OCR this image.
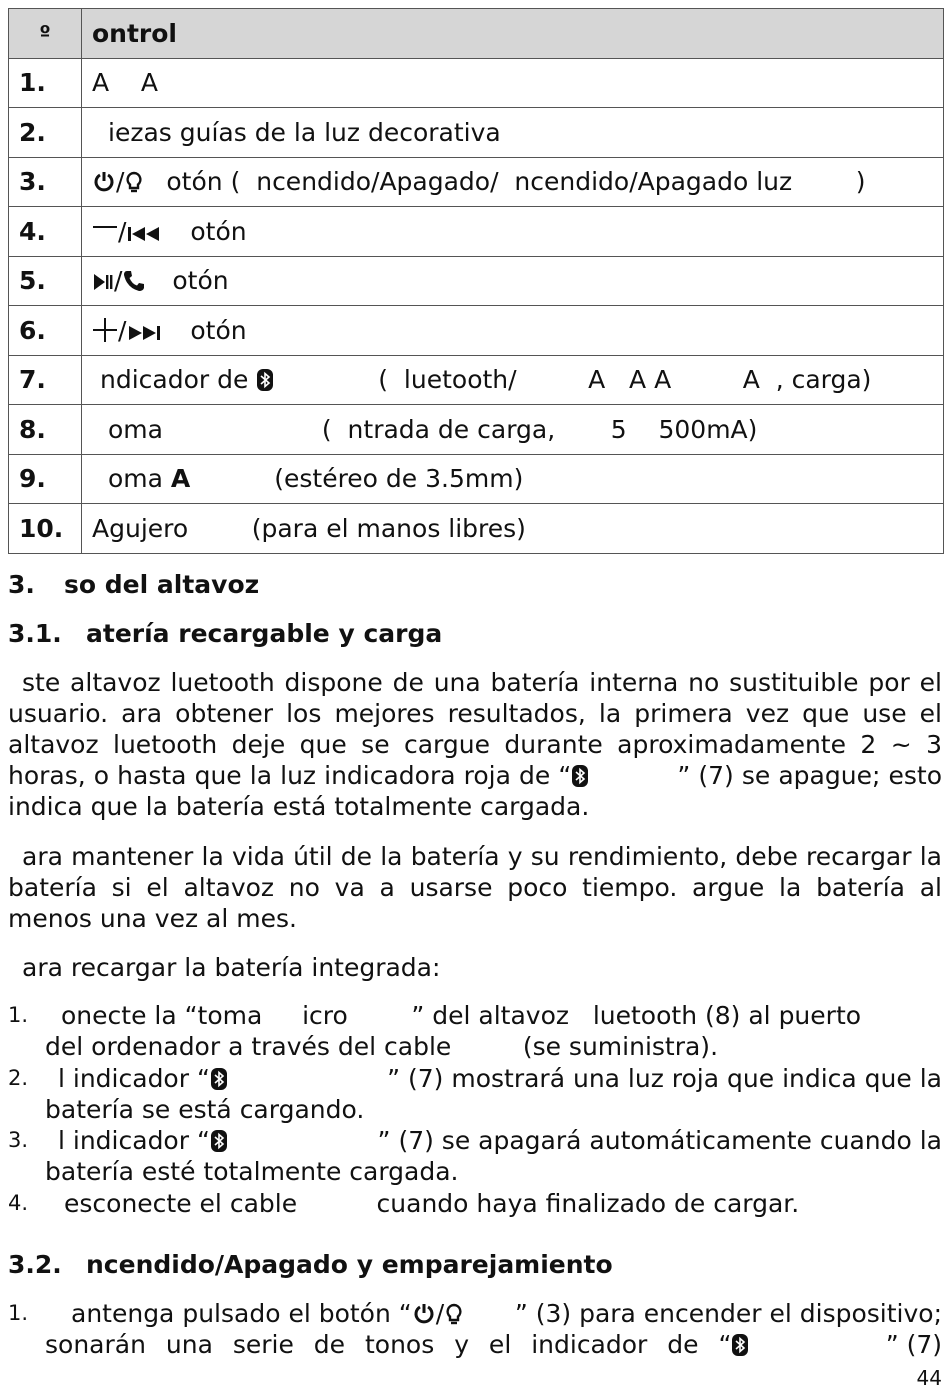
º	ontrol
1.	A    A
2.	iezas guías de la luz decorativa
3.	/ otón (  ncendido/Apagado/  ncendido/Apagado luz        )
4.	/ otón
5.	/ otón
6.	/ otón
7.	ndicador de (  luetooth/         A   A A         A  , carga)
8.	oma                    (  ntrada de carga,       5    500mA)
9.	oma A (estéreo de 3.5mm)
10.	Agujero        (para el manos libres)
3. so del altavoz
3.1. atería recargable y carga
ste altavoz luetooth dispone de una batería interna no sustituible por el usuario. ara obtener los mejores resultados, la primera vez que use el altavoz luetooth deje que se cargue durante aproximadamente 2 ~ 3 horas, o hasta que la luz indicadora roja de “	” (7) se apague; esto indica que la batería está totalmente cargada.
ara mantener la vida útil de la batería y su rendimiento, debe recargar la batería si el altavoz no va a usarse poco tiempo. argue la batería al menos una vez al mes.
ara recargar la batería integrada:
1.	onecte la “toma     icro        ” del altavoz   luetooth (8) al puerto
del ordenador a través del cable         (se suministra).
2. l indicador “	” (7) mostrará una luz roja que indica que la
batería se está cargando.
3. l indicador “	” (7) se apagará automáticamente cuando la
batería esté totalmente cargada.
4.	esconecte el cable          cuando haya finalizado de cargar.
3.2. ncendido/Apagado y emparejamiento
1. antenga pulsado el botón “ /	” (3) para encender el dispositivo;
sonarán una serie de tonos y el indicador de “	” (7)
44
